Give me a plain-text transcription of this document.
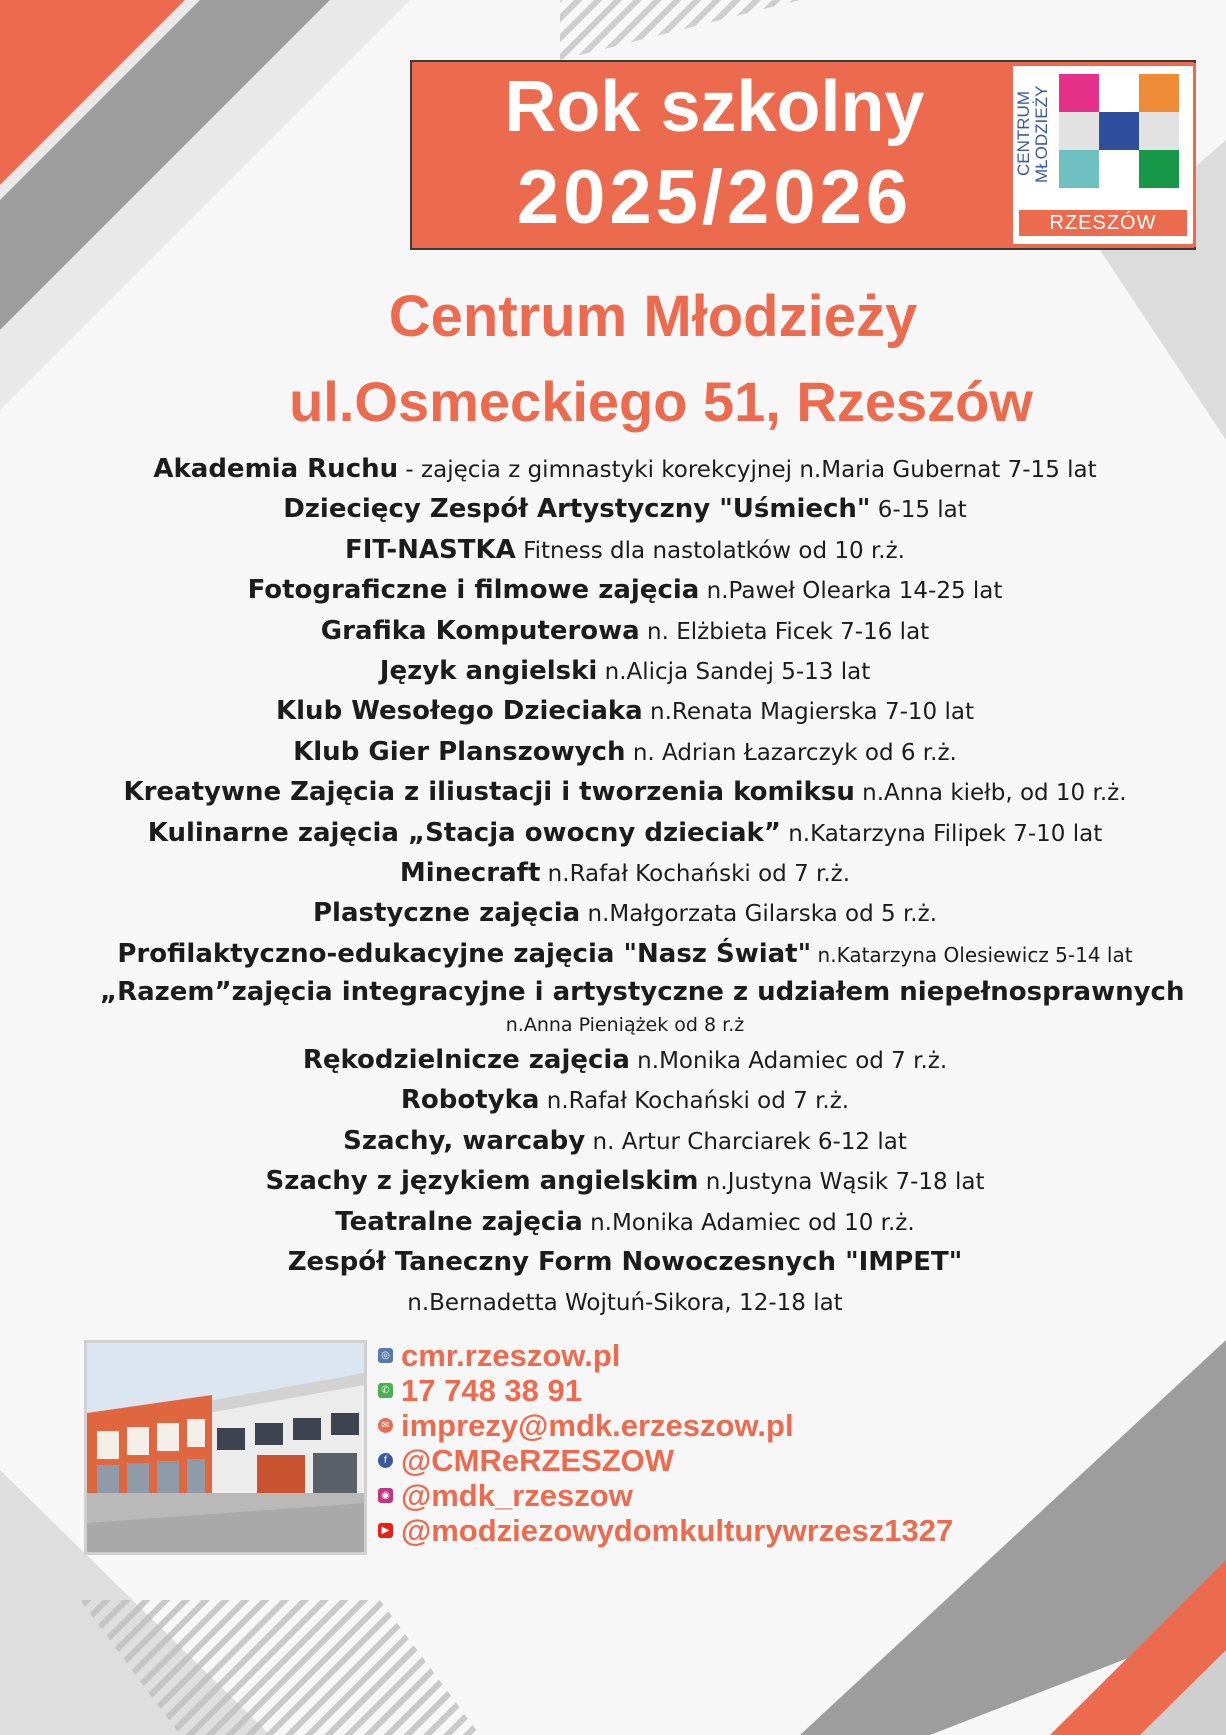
Rok szkolny
2025/2026
CENTRUM MŁODZIEŻY
RZESZÓW
Centrum Młodzieży
ul.Osmeckiego 51, Rzeszów
Akademia Ruchu - zajęcia z gimnastyki korekcyjnej n.Maria Gubernat 7-15 lat
Dziecięcy Zespół Artystyczny "Uśmiech" 6-15 lat
FIT-NASTKA Fitness dla nastolatków od 10 r.ż.
Fotograficzne i filmowe zajęcia n.Paweł Olearka 14-25 lat
Grafika Komputerowa n. Elżbieta Ficek 7-16 lat
Język angielski n.Alicja Sandej 5-13 lat
Klub Wesołego Dzieciaka n.Renata Magierska 7-10 lat
Klub Gier Planszowych n. Adrian Łazarczyk od 6 r.ż.
Kreatywne Zajęcia z iliustacji i tworzenia komiksu n.Anna kiełb, od 10 r.ż.
Kulinarne zajęcia „Stacja owocny dzieciak” n.Katarzyna Filipek 7-10 lat
Minecraft n.Rafał Kochański od 7 r.ż.
Plastyczne zajęcia n.Małgorzata Gilarska od 5 r.ż.
Profilaktyczno-edukacyjne zajęcia "Nasz Świat" n.Katarzyna Olesiewicz 5-14 lat
„Razem”zajęcia integracyjne i artystyczne z udziałem niepełnosprawnych
n.Anna Pieniążek od 8 r.ż
Rękodzielnicze zajęcia n.Monika Adamiec od 7 r.ż.
Robotyka n.Rafał Kochański od 7 r.ż.
Szachy, warcaby n. Artur Charciarek 6-12 lat
Szachy z językiem angielskim n.Justyna Wąsik 7-18 lat
Teatralne zajęcia n.Monika Adamiec od 10 r.ż.
Zespół Taneczny Form Nowoczesnych "IMPET"
n.Bernadetta Wojtuń-Sikora, 12-18 lat
◎ cmr.rzeszow.pl
✆ 17 748 38 91
✉ imprezy@mdk.erzeszow.pl
f @CMReRZESZOW
◉ @mdk_rzeszow
▶ @modziezowydomkulturywrzesz1327
